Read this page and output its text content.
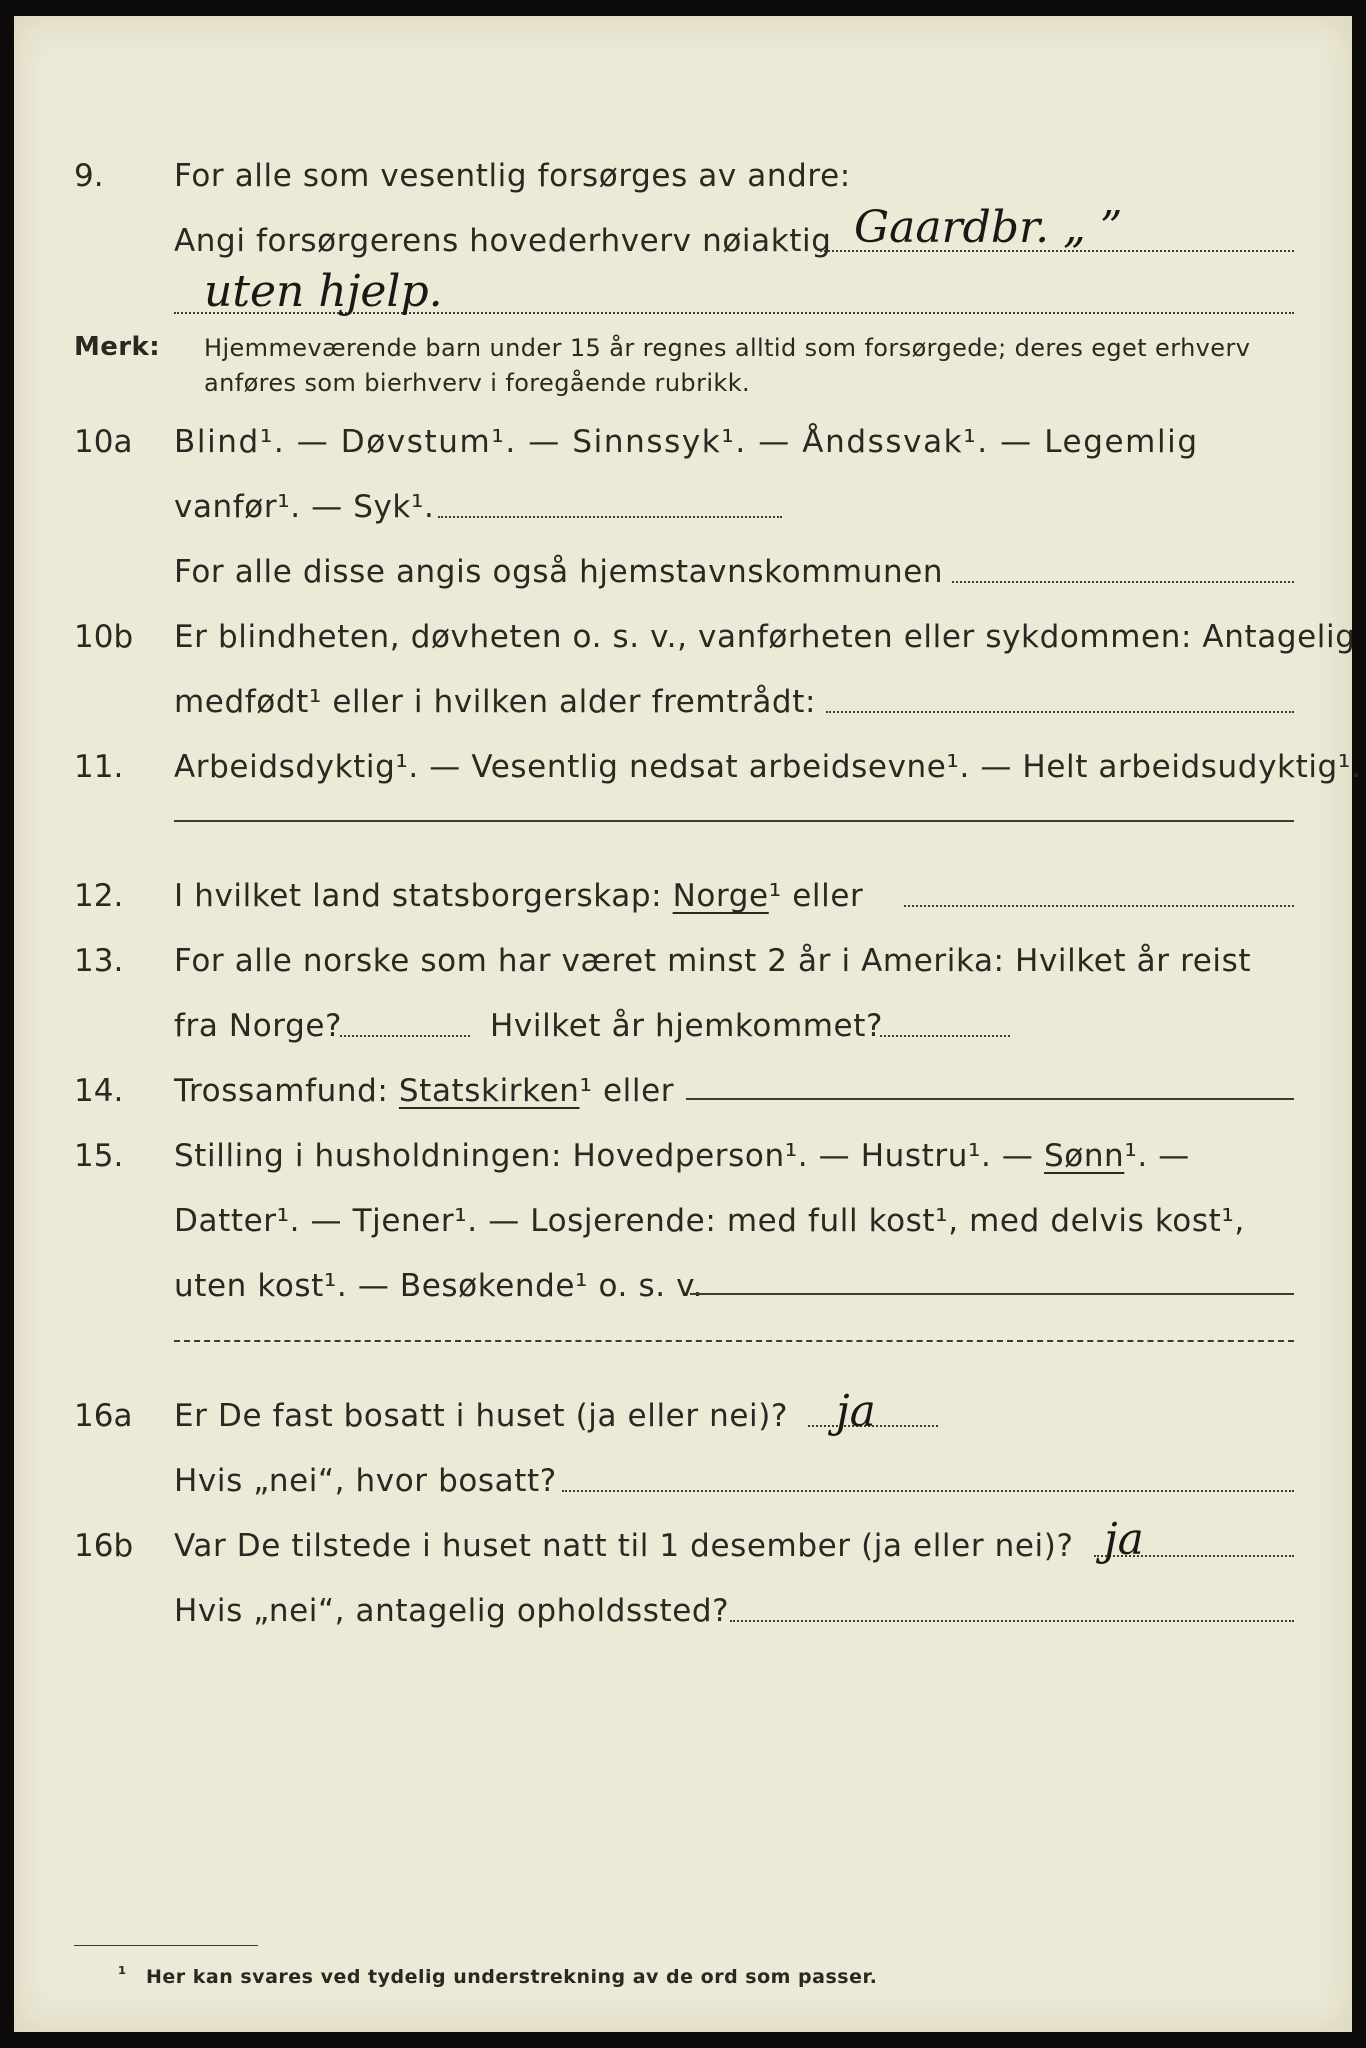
9. For alle som vesentlig forsørges av andre:
Angi forsørgerens hovederhverv nøiaktig Gaardbr. „ ”
uten hjelp.
Merk: Hjemmeværende barn under 15 år regnes alltid som forsørgede; deres eget erhverv
anføres som bierhverv i foregående rubrikk.
10a Blind¹. — Døvstum¹. — Sinnssyk¹. — Åndssvak¹. — Legemlig
vanfør¹. — Syk¹.
For alle disse angis også hjemstavnskommunen
10b Er blindheten, døvheten o. s. v., vanførheten eller sykdommen: Antagelig
medfødt¹ eller i hvilken alder fremtrådt:
11. Arbeidsdyktig¹. — Vesentlig nedsat arbeidsevne¹. — Helt arbeidsudyktig¹.
12. I hvilket land statsborgerskap: Norge¹ eller
13. For alle norske som har været minst 2 år i Amerika: Hvilket år reist
fra Norge?	Hvilket år hjemkommet?
14. Trossamfund: Statskirken¹ eller
15. Stilling i husholdningen: Hovedperson¹. — Hustru¹. — Sønn¹. —
Datter¹. — Tjener¹. — Losjerende: med full kost¹, med delvis kost¹,
uten kost¹. — Besøkende¹ o. s. v.
16a Er De fast bosatt i huset (ja eller nei)? ja
Hvis „nei“, hvor bosatt?
16b Var De tilstede i huset natt til 1 desember (ja eller nei)? ja
Hvis „nei“, antagelig opholdssted?
¹ Her kan svares ved tydelig understrekning av de ord som passer.
